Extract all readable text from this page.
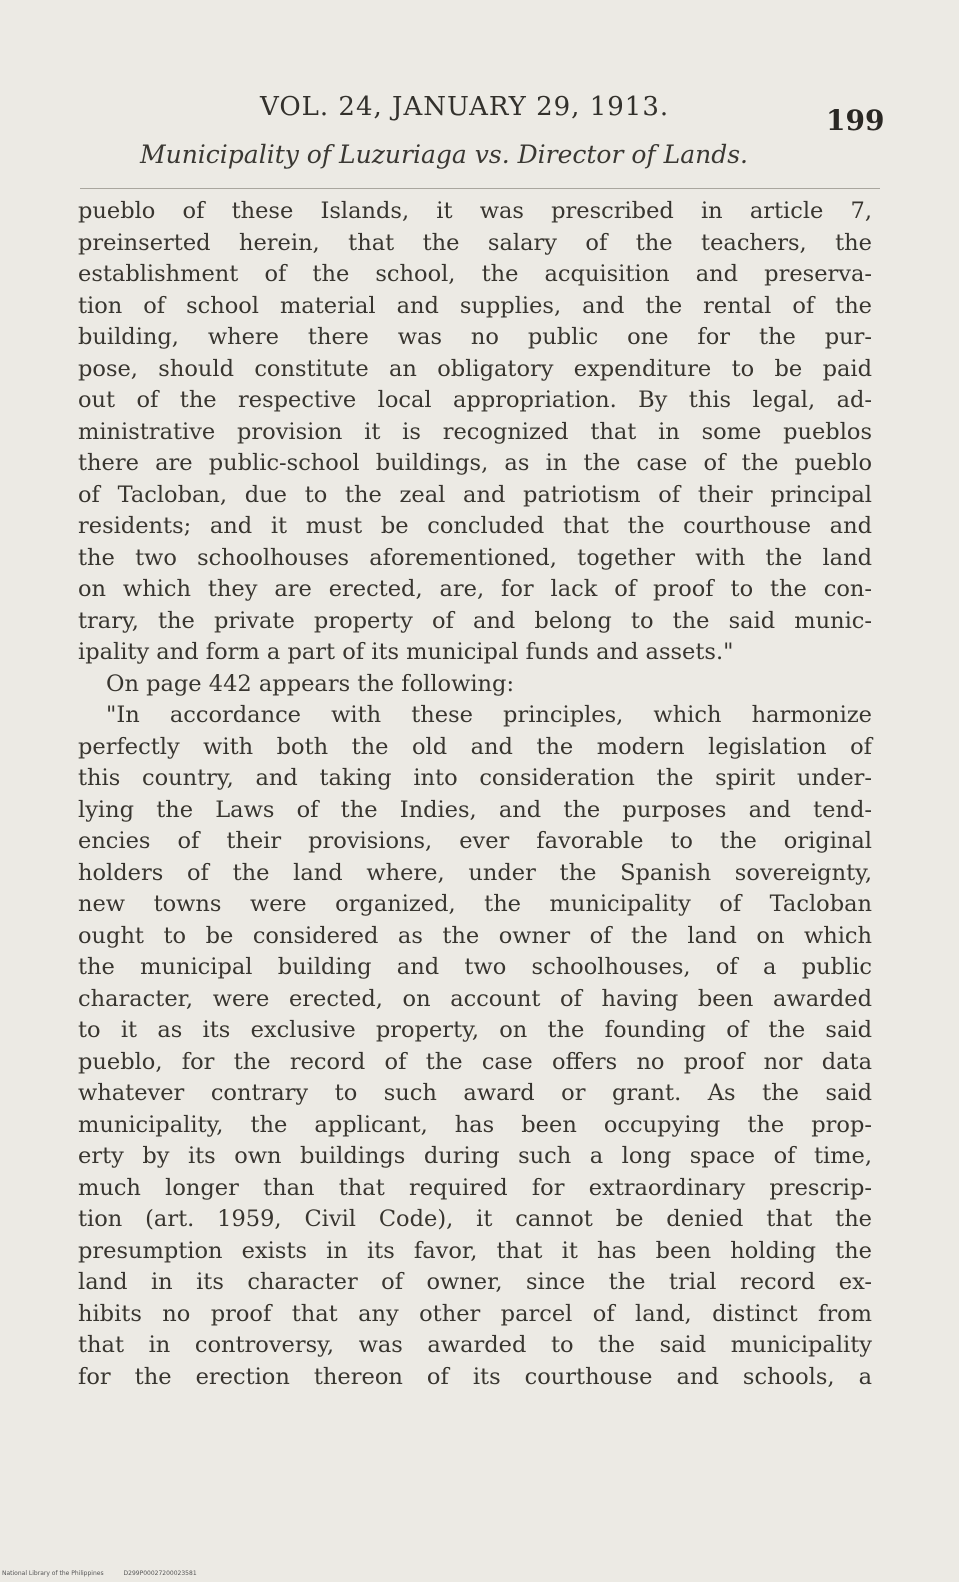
VOL. 24, JANUARY 29, 1913.	199
Municipality of Luzuriaga vs. Director of Lands.
pueblo of these Islands, it was prescribed in article 7,
preinserted herein, that the salary of the teachers, the
establishment of the school, the acquisition and preserva-
tion of school material and supplies, and the rental of the
building, where there was no public one for the pur-
pose, should constitute an obligatory expenditure to be paid
out of the respective local appropriation. By this legal, ad-
ministrative provision it is recognized that in some pueblos
there are public-school buildings, as in the case of the pueblo
of Tacloban, due to the zeal and patriotism of their principal
residents; and it must be concluded that the courthouse and
the two schoolhouses aforementioned, together with the land
on which they are erected, are, for lack of proof to the con-
trary, the private property of and belong to the said munic-
ipality and form a part of its municipal funds and assets."
On page 442 appears the following:
"In accordance with these principles, which harmonize
perfectly with both the old and the modern legislation of
this country, and taking into consideration the spirit under-
lying the Laws of the Indies, and the purposes and tend-
encies of their provisions, ever favorable to the original
holders of the land where, under the Spanish sovereignty,
new towns were organized, the municipality of Tacloban
ought to be considered as the owner of the land on which
the municipal building and two schoolhouses, of a public
character, were erected, on account of having been awarded
to it as its exclusive property, on the founding of the said
pueblo, for the record of the case offers no proof nor data
whatever contrary to such award or grant. As the said
municipality, the applicant, has been occupying the prop-
erty by its own buildings during such a long space of time,
much longer than that required for extraordinary prescrip-
tion (art. 1959, Civil Code), it cannot be denied that the
presumption exists in its favor, that it has been holding the
land in its character of owner, since the trial record ex-
hibits no proof that any other parcel of land, distinct from
that in controversy, was awarded to the said municipality
for the erection thereon of its courthouse and schools, a
National Library of the Philippines	D299P00027200023581
